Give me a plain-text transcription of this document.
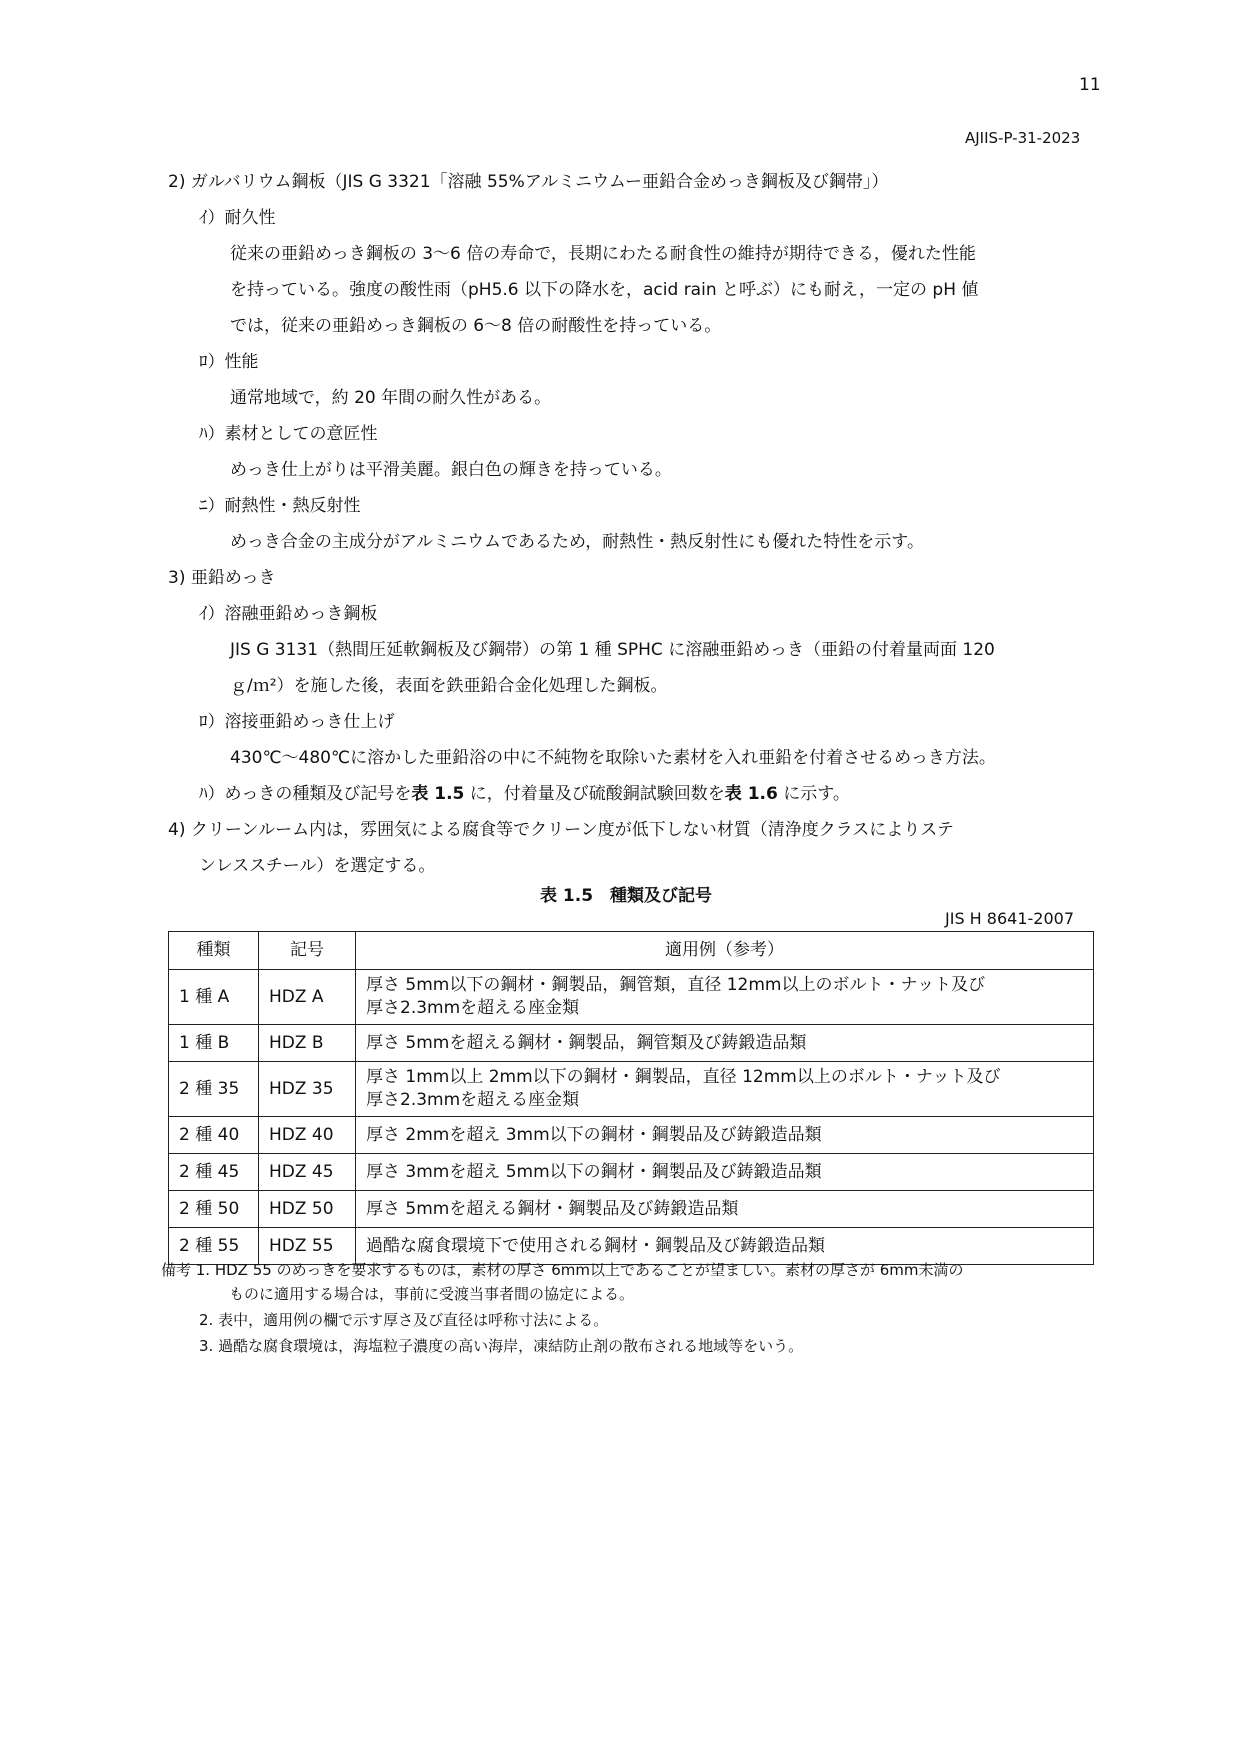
11
AJIIS-P-31-2023
2) ガルバリウム鋼板（JIS G 3321「溶融 55%アルミニウムー亜鉛合金めっき鋼板及び鋼帯」）
ｲ）耐久性
従来の亜鉛めっき鋼板の 3～6 倍の寿命で，長期にわたる耐食性の維持が期待できる，優れた性能
を持っている。強度の酸性雨（pH5.6 以下の降水を，acid rain と呼ぶ）にも耐え，一定の pH 値
では，従来の亜鉛めっき鋼板の 6～8 倍の耐酸性を持っている。
ﾛ）性能
通常地域で，約 20 年間の耐久性がある。
ﾊ）素材としての意匠性
めっき仕上がりは平滑美麗。銀白色の輝きを持っている。
ﾆ）耐熱性・熱反射性
めっき合金の主成分がアルミニウムであるため，耐熱性・熱反射性にも優れた特性を示す。
3) 亜鉛めっき
ｲ）溶融亜鉛めっき鋼板
JIS G 3131（熱間圧延軟鋼板及び鋼帯）の第 1 種 SPHC に溶融亜鉛めっき（亜鉛の付着量両面 120
ｇ/ｍ²）を施した後，表面を鉄亜鉛合金化処理した鋼板。
ﾛ）溶接亜鉛めっき仕上げ
430℃～480℃に溶かした亜鉛浴の中に不純物を取除いた素材を入れ亜鉛を付着させるめっき方法。
ﾊ）めっきの種類及び記号を表 1.5 に，付着量及び硫酸銅試験回数を表 1.6 に示す。
4) クリーンルーム内は，雰囲気による腐食等でクリーン度が低下しない材質（清浄度クラスによりステ
ンレススチール）を選定する。
表 1.5　種類及び記号
JIS H 8641-2007
種類	記号	適用例（参考）
1 種 A	HDZ A	厚さ 5mm以下の鋼材・鋼製品，鋼管類，直径 12mm以上のボルト・ナット及び
厚さ2.3mmを超える座金類

1 種 B	HDZ B	厚さ 5mmを超える鋼材・鋼製品，鋼管類及び鋳鍛造品類
2 種 35	HDZ 35	厚さ 1mm以上 2mm以下の鋼材・鋼製品，直径 12mm以上のボルト・ナット及び
厚さ2.3mmを超える座金類

2 種 40	HDZ 40	厚さ 2mmを超え 3mm以下の鋼材・鋼製品及び鋳鍛造品類
2 種 45	HDZ 45	厚さ 3mmを超え 5mm以下の鋼材・鋼製品及び鋳鍛造品類
2 種 50	HDZ 50	厚さ 5mmを超える鋼材・鋼製品及び鋳鍛造品類
2 種 55	HDZ 55	過酷な腐食環境下で使用される鋼材・鋼製品及び鋳鍛造品類
備考 1. HDZ 55 のめっきを要求するものは，素材の厚さ 6mm以上であることが望ましい。素材の厚さが 6mm未満の
ものに適用する場合は，事前に受渡当事者間の協定による。
2. 表中，適用例の欄で示す厚さ及び直径は呼称寸法による。
3. 過酷な腐食環境は，海塩粒子濃度の高い海岸，凍結防止剤の散布される地域等をいう。
